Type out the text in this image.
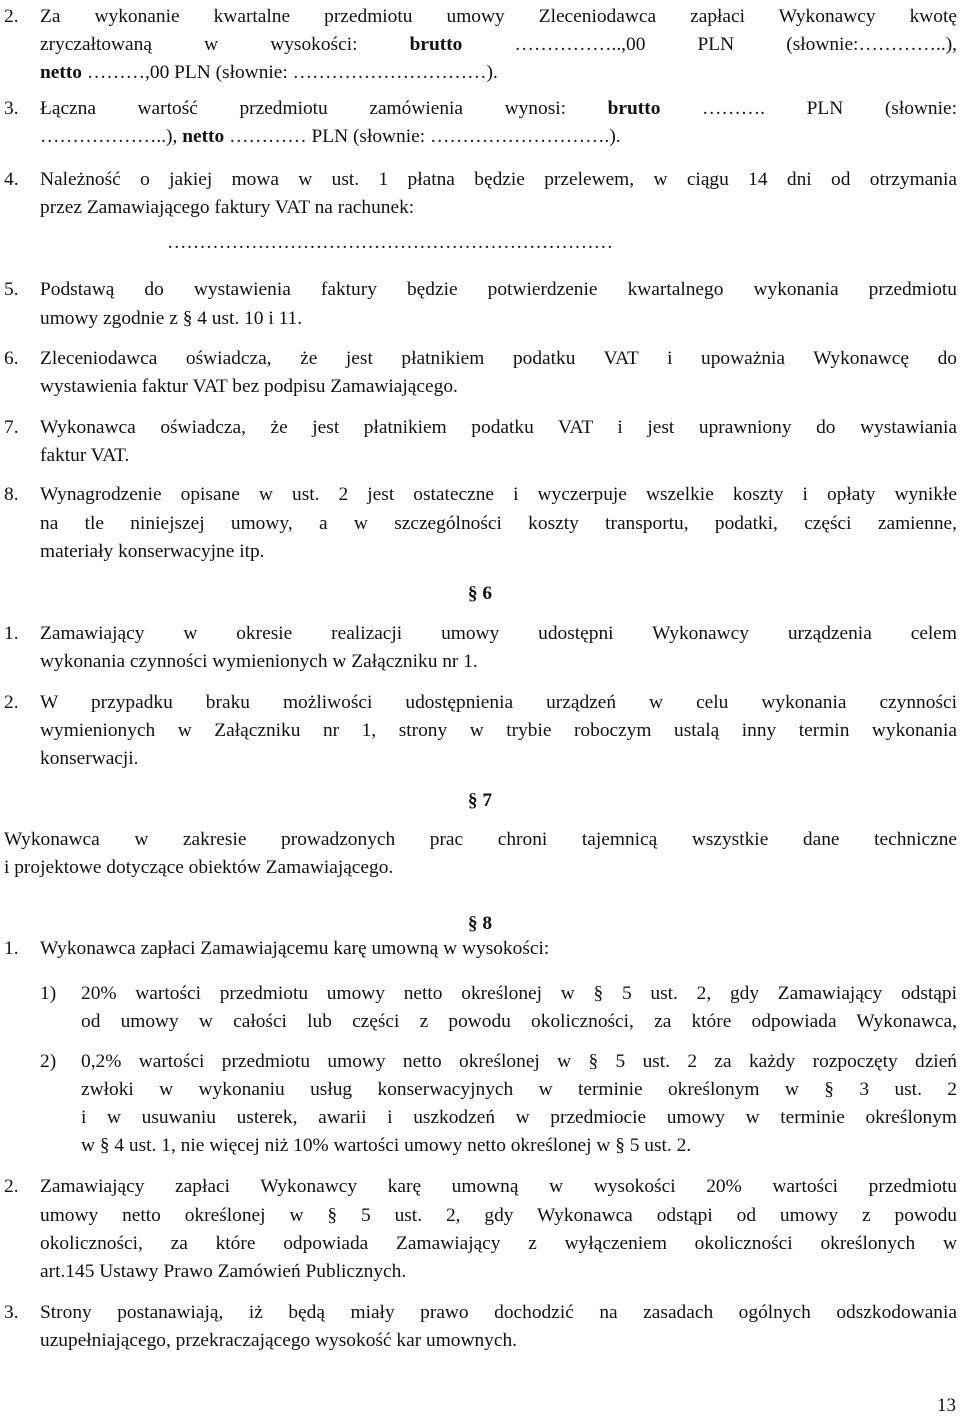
2. Za wykonanie kwartalne przedmiotu umowy Zleceniodawca zapłaci Wykonawcy kwotę
zryczałtowaną w wysokości: brutto ……………..,00 PLN (słownie:…………..),
netto ………,00 PLN (słownie: …………………………).
3. Łączna wartość przedmiotu zamówienia wynosi: brutto ………. PLN (słownie:
………………..), netto ………… PLN (słownie: ……………………….).
4. Należność o jakiej mowa w ust. 1 płatna będzie przelewem, w ciągu 14 dni od otrzymania
przez Zamawiającego faktury VAT na rachunek:
……………………………………………………………
5. Podstawą do wystawienia faktury będzie potwierdzenie kwartalnego wykonania przedmiotu
umowy zgodnie z § 4 ust. 10 i 11.
6. Zleceniodawca oświadcza, że jest płatnikiem podatku VAT i upoważnia Wykonawcę do
wystawienia faktur VAT bez podpisu Zamawiającego.
7. Wykonawca oświadcza, że jest płatnikiem podatku VAT i jest uprawniony do wystawiania
faktur VAT.
8. Wynagrodzenie opisane w ust. 2 jest ostateczne i wyczerpuje wszelkie koszty i opłaty wynikłe
na tle niniejszej umowy, a w szczególności koszty transportu, podatki, części zamienne,
materiały konserwacyjne itp.
§ 6
1. Zamawiający w okresie realizacji umowy udostępni Wykonawcy urządzenia celem
wykonania czynności wymienionych w Załączniku nr 1.
2. W przypadku braku możliwości udostępnienia urządzeń w celu wykonania czynności
wymienionych w Załączniku nr 1, strony w trybie roboczym ustalą inny termin wykonania
konserwacji.
§ 7
Wykonawca w zakresie prowadzonych prac chroni tajemnicą wszystkie dane techniczne
i projektowe dotyczące obiektów Zamawiającego.
§ 8
1. Wykonawca zapłaci Zamawiającemu karę umowną w wysokości:
1) 20% wartości przedmiotu umowy netto określonej w § 5 ust. 2, gdy Zamawiający odstąpi
od umowy w całości lub części z powodu okoliczności, za które odpowiada Wykonawca,
2) 0,2% wartości przedmiotu umowy netto określonej w § 5 ust. 2 za każdy rozpoczęty dzień
zwłoki w wykonaniu usług konserwacyjnych w terminie określonym w § 3 ust. 2
i w usuwaniu usterek, awarii i uszkodzeń w przedmiocie umowy w terminie określonym
w § 4 ust. 1, nie więcej niż 10% wartości umowy netto określonej w § 5 ust. 2.
2. Zamawiający zapłaci Wykonawcy karę umowną w wysokości 20% wartości przedmiotu
umowy netto określonej w § 5 ust. 2, gdy Wykonawca odstąpi od umowy z powodu
okoliczności, za które odpowiada Zamawiający z wyłączeniem okoliczności określonych w
art.145 Ustawy Prawo Zamówień Publicznych.
3. Strony postanawiają, iż będą miały prawo dochodzić na zasadach ogólnych odszkodowania
uzupełniającego, przekraczającego wysokość kar umownych.
13
